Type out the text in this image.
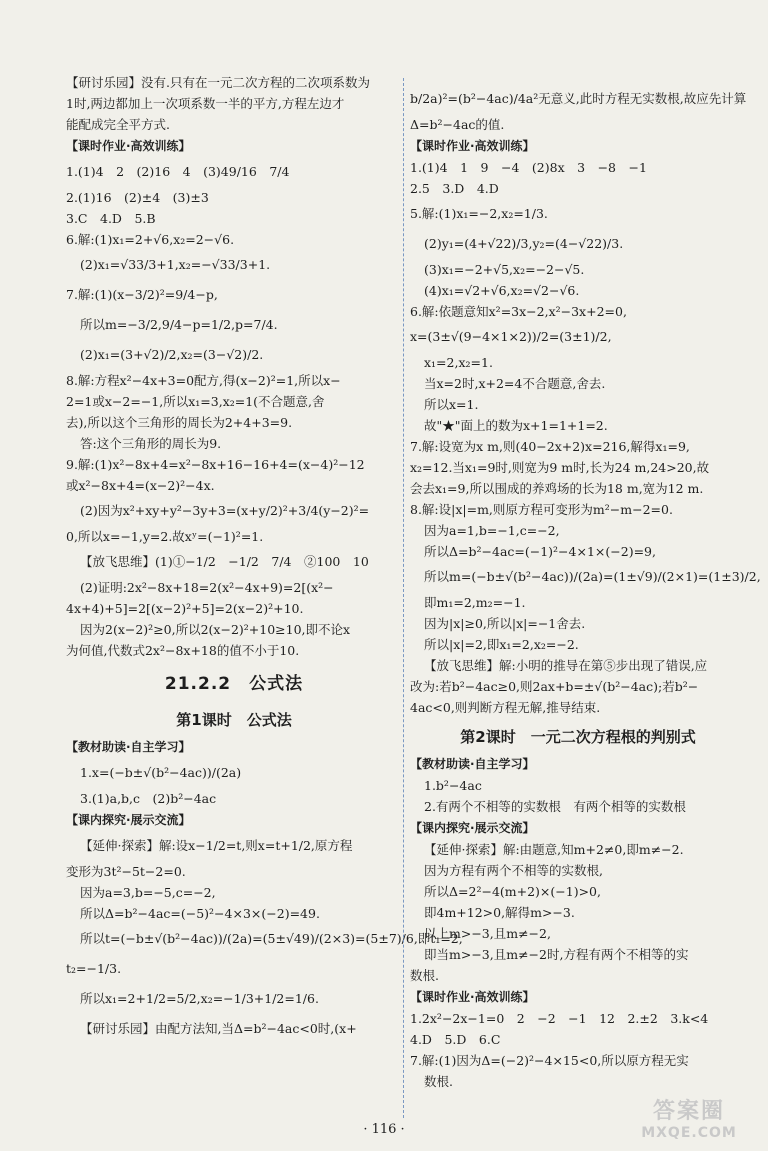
【研讨乐园】没有.只有在一元二次方程的二次项系数为
1时,两边都加上一次项系数一半的平方,方程左边才
能配成完全平方式.
【课时作业·高效训练】
1.(1)4　2　(2)16　4　(3)49/16　7/4
2.(1)16　(2)±4　(3)±3
3.C　4.D　5.B
6.解:(1)x₁=2+√6,x₂=2−√6.
(2)x₁=√33/3+1,x₂=−√33/3+1.
7.解:(1)(x−3/2)²=9/4−p,
所以m=−3/2,9/4−p=1/2,p=7/4.
(2)x₁=(3+√2)/2,x₂=(3−√2)/2.
8.解:方程x²−4x+3=0配方,得(x−2)²=1,所以x−
2=1或x−2=−1,所以x₁=3,x₂=1(不合题意,舍
去),所以这个三角形的周长为2+4+3=9.
答:这个三角形的周长为9.
9.解:(1)x²−8x+4=x²−8x+16−16+4=(x−4)²−12
或x²−8x+4=(x−2)²−4x.
(2)因为x²+xy+y²−3y+3=(x+y/2)²+3/4(y−2)²=
0,所以x=−1,y=2.故xʸ=(−1)²=1.
【放飞思维】(1)①−1/2　−1/2　7/4　②100　10
(2)证明:2x²−8x+18=2(x²−4x+9)=2[(x²−
4x+4)+5]=2[(x−2)²+5]=2(x−2)²+10.
因为2(x−2)²≥0,所以2(x−2)²+10≥10,即不论x
为何值,代数式2x²−8x+18的值不小于10.
21.2.2　公式法
第1课时　公式法
【教材助读·自主学习】
1.x=(−b±√(b²−4ac))/(2a)
3.(1)a,b,c　(2)b²−4ac
【课内探究·展示交流】
【延伸·探索】解:设x−1/2=t,则x=t+1/2,原方程
变形为3t²−5t−2=0.
因为a=3,b=−5,c=−2,
所以Δ=b²−4ac=(−5)²−4×3×(−2)=49.
所以t=(−b±√(b²−4ac))/(2a)=(5±√49)/(2×3)=(5±7)/6,即t₁=2,
t₂=−1/3.
所以x₁=2+1/2=5/2,x₂=−1/3+1/2=1/6.
【研讨乐园】由配方法知,当Δ=b²−4ac<0时,(x+
b/2a)²=(b²−4ac)/4a²无意义,此时方程无实数根,故应先计算
Δ=b²−4ac的值.
【课时作业·高效训练】
1.(1)4　1　9　−4　(2)8x　3　−8　−1
2.5　3.D　4.D
5.解:(1)x₁=−2,x₂=1/3.
(2)y₁=(4+√22)/3,y₂=(4−√22)/3.
(3)x₁=−2+√5,x₂=−2−√5.
(4)x₁=√2+√6,x₂=√2−√6.
6.解:依题意知x²=3x−2,x²−3x+2=0,
x=(3±√(9−4×1×2))/2=(3±1)/2,
x₁=2,x₂=1.
当x=2时,x+2=4不合题意,舍去.
所以x=1.
故"★"面上的数为x+1=1+1=2.
7.解:设宽为x m,则(40−2x+2)x=216,解得x₁=9,
x₂=12.当x₁=9时,则宽为9 m时,长为24 m,24>20,故
会去x₁=9,所以围成的养鸡场的长为18 m,宽为12 m.
8.解:设|x|=m,则原方程可变形为m²−m−2=0.
因为a=1,b=−1,c=−2,
所以Δ=b²−4ac=(−1)²−4×1×(−2)=9,
所以m=(−b±√(b²−4ac))/(2a)=(1±√9)/(2×1)=(1±3)/2,
即m₁=2,m₂=−1.
因为|x|≥0,所以|x|=−1舍去.
所以|x|=2,即x₁=2,x₂=−2.
【放飞思维】解:小明的推导在第⑤步出现了错误,应
改为:若b²−4ac≥0,则2ax+b=±√(b²−4ac);若b²−
4ac<0,则判断方程无解,推导结束.
第2课时　一元二次方程根的判别式
【教材助读·自主学习】
1.b²−4ac
2.有两个不相等的实数根　有两个相等的实数根
【课内探究·展示交流】
【延伸·探索】解:由题意,知m+2≠0,即m≠−2.
因为方程有两个不相等的实数根,
所以Δ=2²−4(m+2)×(−1)>0,
即4m+12>0,解得m>−3.
以上m>−3,且m≠−2,
即当m>−3,且m≠−2时,方程有两个不相等的实
数根.
【课时作业·高效训练】
1.2x²−2x−1=0　2　−2　−1　12　2.±2　3.k<4
4.D　5.D　6.C
7.解:(1)因为Δ=(−2)²−4×15<0,所以原方程无实
数根.
· 116 ·
答案圈
MXQE.COM
